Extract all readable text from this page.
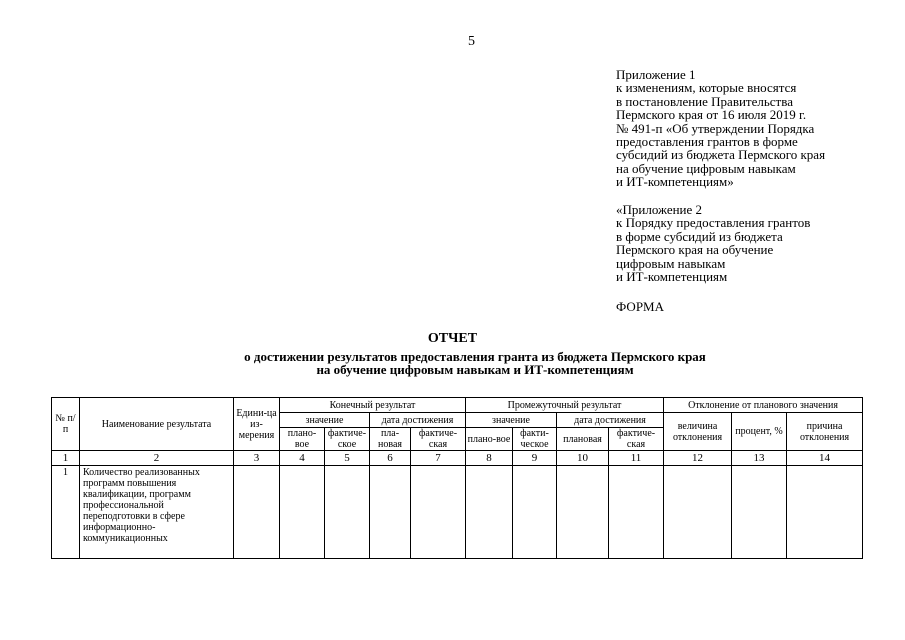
5
Приложение 1
к изменениям, которые вносятся
в постановление Правительства
Пермского края от 16 июля 2019 г.
№ 491-п «Об утверждении Порядка
предоставления грантов в форме
субсидий из бюджета Пермского края
на обучение цифровым навыкам
и ИТ-компетенциям»
«Приложение 2
к Порядку предоставления грантов
в форме субсидий из бюджета
Пермского края на обучение
цифровым навыкам
и ИТ-компетенциям
ФОРМА
ОТЧЕТ
о достижении результатов предоставления гранта из бюджета Пермского края
на обучение цифровым навыкам и ИТ-компетенциям
№ п/п	Наименование результата	Едини-ца из-мерения	Конечный результат				Промежуточный результат				Отклонение от планового значения		
			значение		дата достижения		значение		дата достижения		величина отклонения	процент, %	причина отклонения
			плано-вое	фактиче-ское	пла-новая	фактиче-ская	плано-вое	факти-ческое	плановая	фактиче-ская			
1	2	3	4	5	6	7	8	9	10	11	12	13	14
1	Количество реализованных программ повышения квалификации, программ профессиональной переподготовки в сфере информационно-коммуникационных												
